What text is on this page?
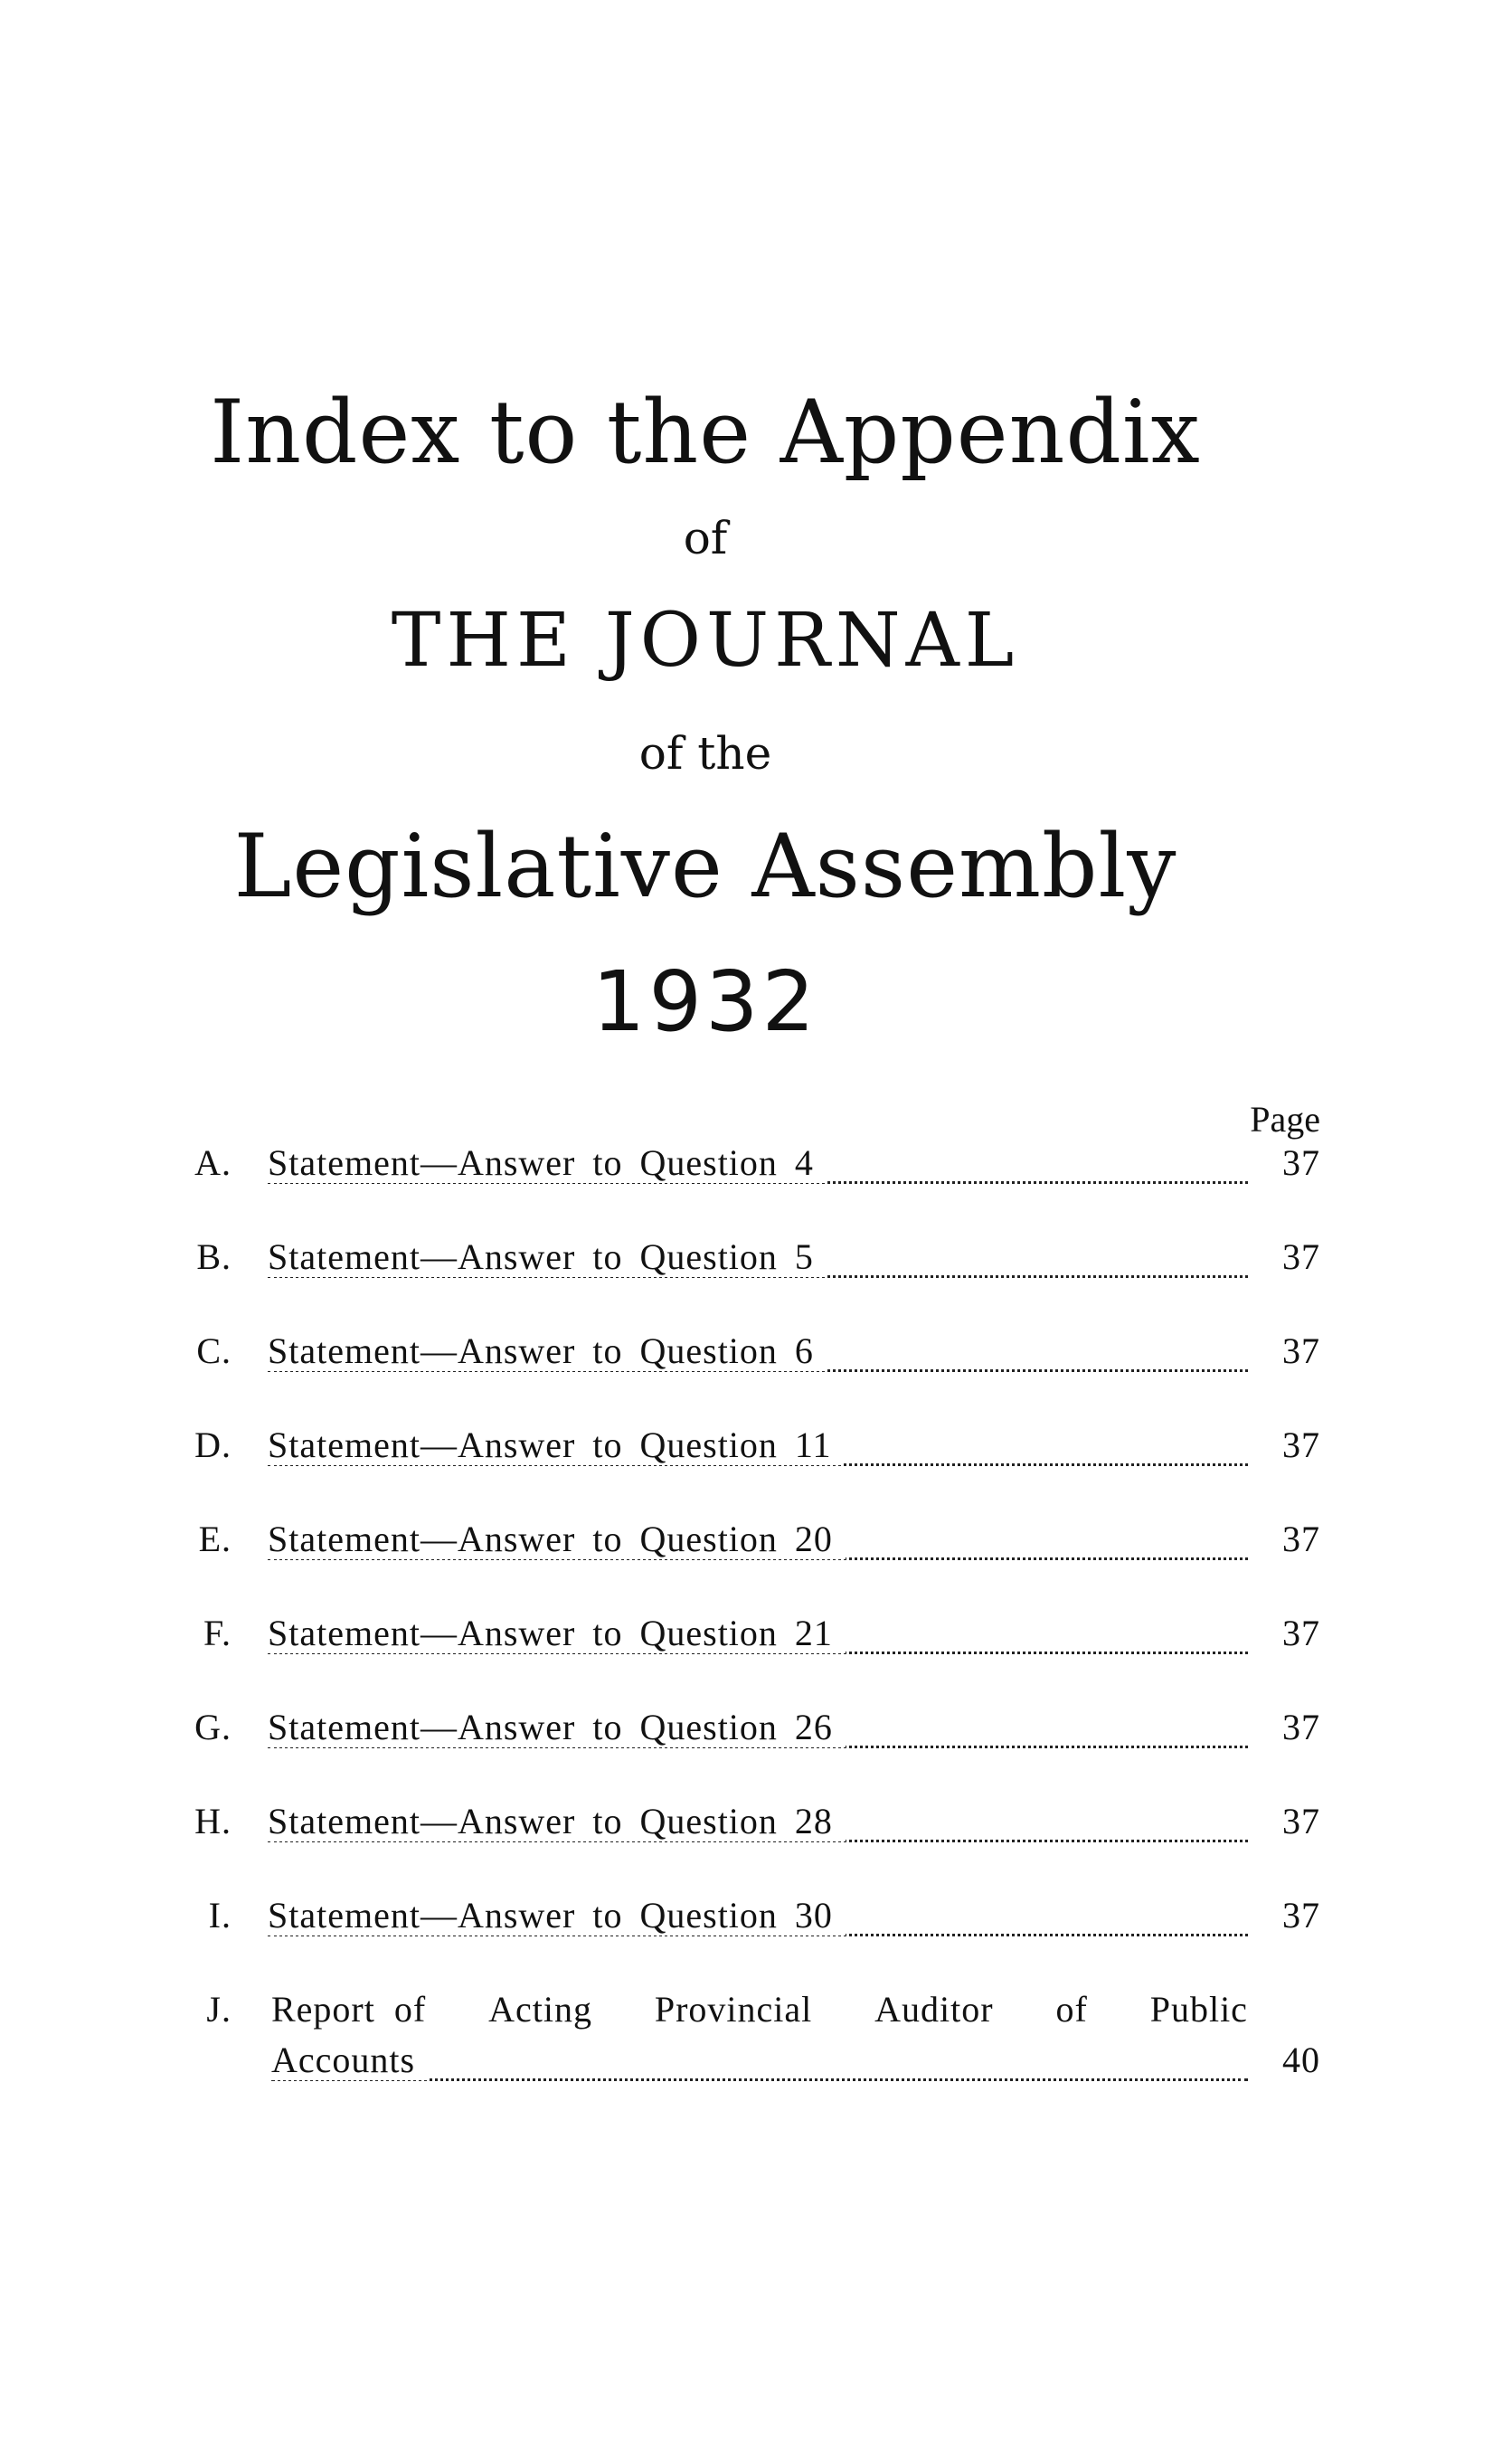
Index to the Appendix
of
THE JOURNAL
of the
Legislative Assembly
1932
Page
A. Statement—Answer to Question 4	37
B. Statement—Answer to Question 5	37
C. Statement—Answer to Question 6	37
D. Statement—Answer to Question 11	37
E. Statement—Answer to Question 20	37
F. Statement—Answer to Question 21	37
G. Statement—Answer to Question 26	37
H. Statement—Answer to Question 28	37
I. Statement—Answer to Question 30	37
J. Report of Acting Provincial Auditor of Public
Accounts	40
